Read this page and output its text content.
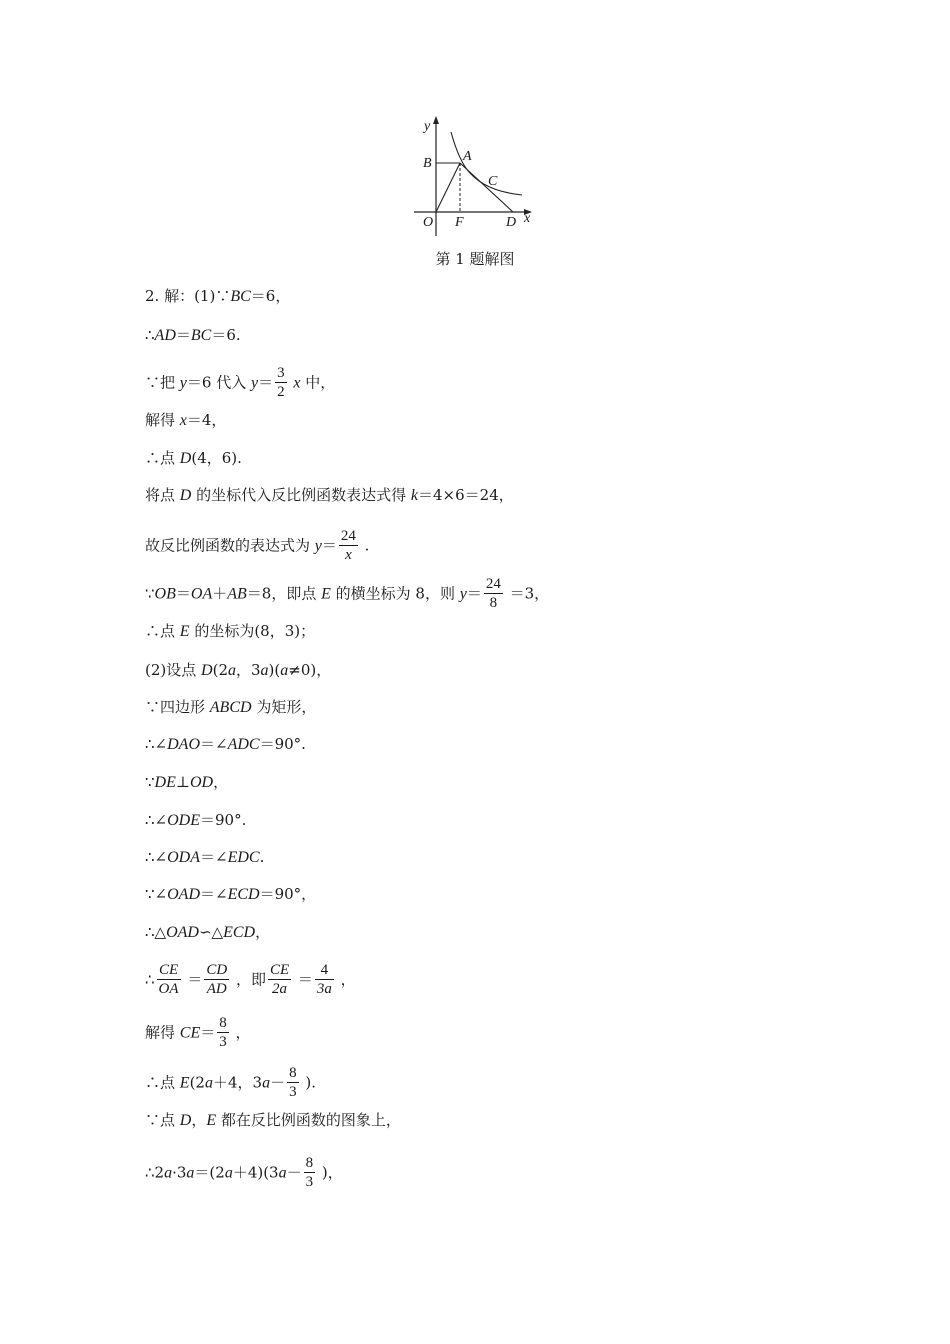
y
x
B A
C
O F	D
第 1 题解图
2. 解：(1)∵BC＝6，
∴AD＝BC＝6.
∵把 y＝6 代入 $y= \frac{3}{2}$ x 中，
解得 x＝4，
∴点 D(4，6).
将点 D 的坐标代入反比例函数表达式得 k＝4×6＝24，
故反比例函数的表达式为 $y= \frac{24}{x}$ .
∵OB＝OA＋AB＝8，即点 E 的横坐标为 8，则 $y= \frac{24}{8} =3$，
∴点 E 的坐标为(8，3)；
(2)设点 D(2a，3a)(a≠0)，
∵四边形 ABCD 为矩形，
∴∠DAO＝∠ADC＝90°.
∵DE⊥OD，
∴∠ODE＝90°.
∴∠ODA＝∠EDC.
∵∠OAD＝∠ECD＝90°，
∴△OAD∽△ECD，
∴ $\frac{CE}{OA} = \frac{CD}{AD}$ ，即 $\frac{CE}{2a} = \frac{4}{3a}$ ，
解得 $CE= \frac{8}{3}$ ，
∴点 E(2a＋4，$3a- \frac{8}{3}$ ).
∵点 D，E 都在反比例函数的图象上，
∴2a·3a＝(2a＋4)(3a－ $\frac{8}{3}$ )，
